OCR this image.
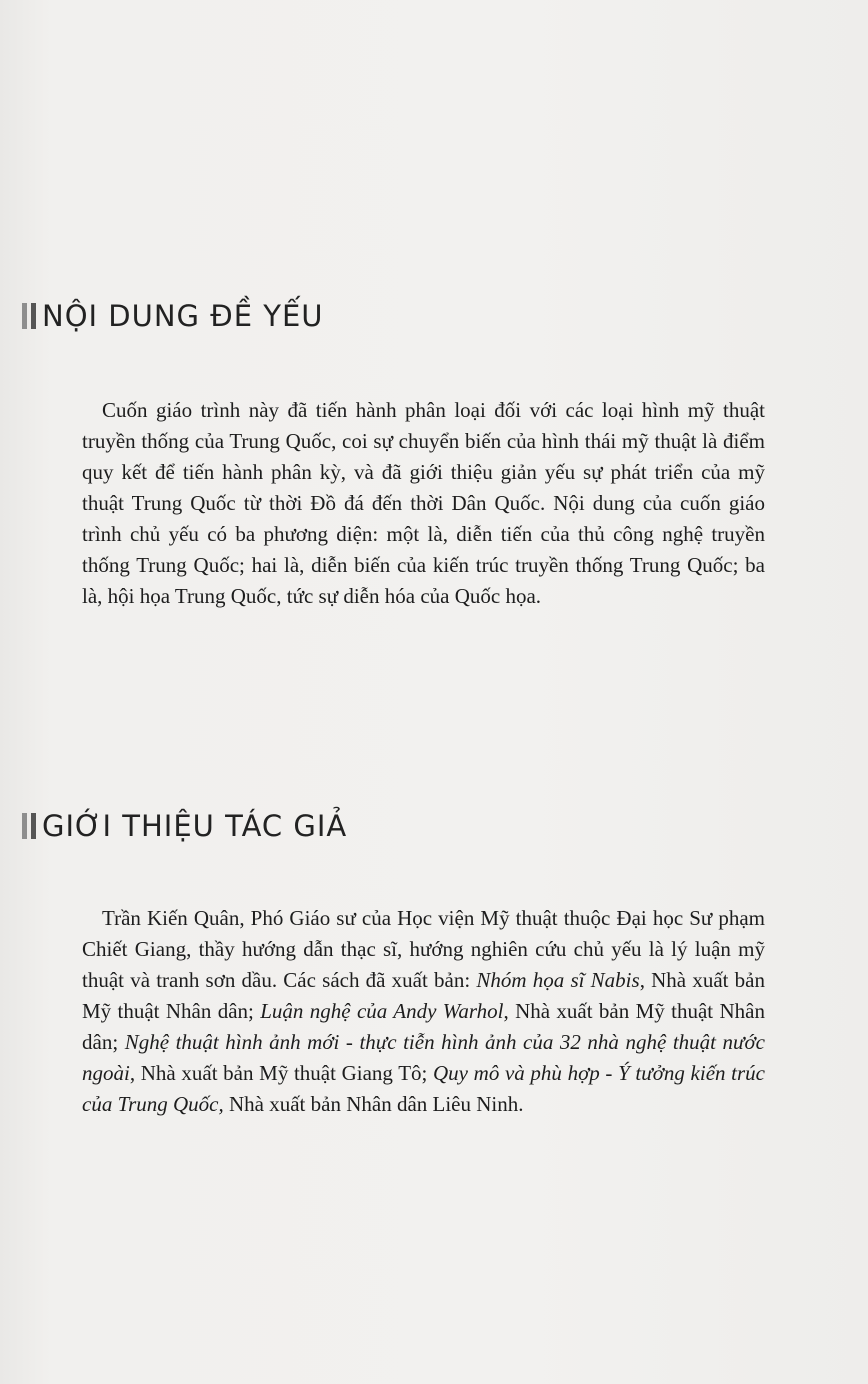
NỘI DUNG ĐỀ YẾU

Cuốn giáo trình này đã tiến hành phân loại đối với các loại hình mỹ thuật truyền thống của Trung Quốc, coi sự chuyển biến của hình thái mỹ thuật là điểm quy kết để tiến hành phân kỳ, và đã giới thiệu giản yếu sự phát triển của mỹ thuật Trung Quốc từ thời Đồ đá đến thời Dân Quốc. Nội dung của cuốn giáo trình chủ yếu có ba phương diện: một là, diễn tiến của thủ công nghệ truyền thống Trung Quốc; hai là, diễn biến của kiến trúc truyền thống Trung Quốc; ba là, hội họa Trung Quốc, tức sự diễn hóa của Quốc họa.

GIỚI THIỆU TÁC GIẢ

Trần Kiến Quân, Phó Giáo sư của Học viện Mỹ thuật thuộc Đại học Sư phạm Chiết Giang, thầy hướng dẫn thạc sĩ, hướng nghiên cứu chủ yếu là lý luận mỹ thuật và tranh sơn dầu. Các sách đã xuất bản: Nhóm họa sĩ Nabis, Nhà xuất bản Mỹ thuật Nhân dân; Luận nghệ của Andy Warhol, Nhà xuất bản Mỹ thuật Nhân dân; Nghệ thuật hình ảnh mới - thực tiễn hình ảnh của 32 nhà nghệ thuật nước ngoài, Nhà xuất bản Mỹ thuật Giang Tô; Quy mô và phù hợp - Ý tưởng kiến trúc của Trung Quốc, Nhà xuất bản Nhân dân Liêu Ninh.
